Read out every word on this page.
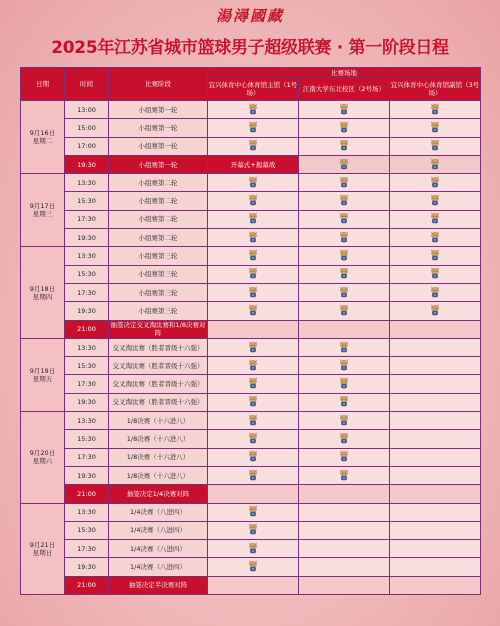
湯潯國藏
2025年江苏省城市篮球男子超级联赛 · 第一阶段日程
日期	时间	比赛阶段	比赛场地		
			宜兴体育中心体育馆主馆（1号场）	江南大学东北校区（2号场）	宜兴体育中心体育馆副馆（3号场）

9月16日
星期二	13:00	小组赛第一轮	

	15:00	小组赛第一轮	

	17:00	小组赛第一轮	

	19:30	小组赛第一轮	开幕式+揭幕战	

9月17日
星期三	13:30	小组赛第二轮	

	15:30	小组赛第二轮	

	17:30	小组赛第二轮	

	19:30	小组赛第二轮	

9月18日
星期四	13:30	小组赛第三轮	

	15:30	小组赛第三轮	

	17:30	小组赛第三轮	

	19:30	小组赛第三轮	

	21:00	抽签决定交叉淘汰赛和1/8决赛对阵			

9月19日
星期五	13:30	交叉淘汰赛（胜者晋级十六强）	

	15:30	交叉淘汰赛（胜者晋级十六强）	

	17:30	交叉淘汰赛（胜者晋级十六强）	

	19:30	交叉淘汰赛（胜者晋级十六强）	

9月20日
星期六	13:30	1/8决赛（十六进八）	

	15:30	1/8决赛（十六进八）	

	17:30	1/8决赛（十六进八）	

	19:30	1/8决赛（十六进八）	

	21:00	抽签决定1/4决赛对阵			

9月21日
星期日	13:30	1/4决赛（八进四）	

	15:30	1/4决赛（八进四）	

	17:30	1/4决赛（八进四）	

	19:30	1/4决赛（八进四）	

	21:00	抽签决定半决赛对阵			
